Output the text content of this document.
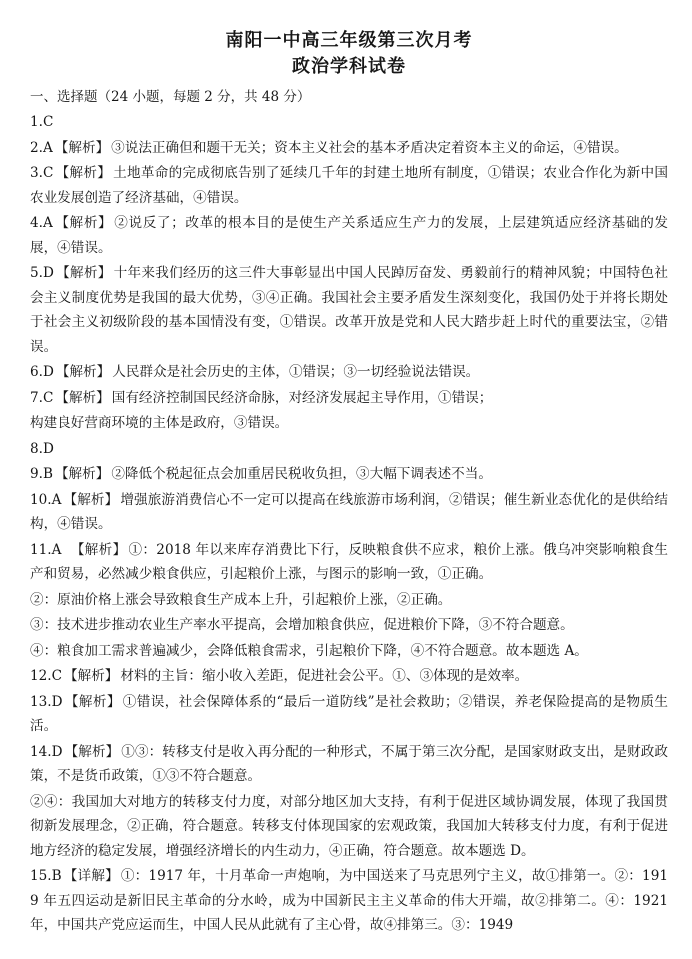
南阳一中高三年级第三次月考
政治学科试卷

一、选择题（24 小题，每题 2 分，共 48 分）

1.C

2.A 【解析】 ③说法正确但和题干无关；资本主义社会的基本矛盾决定着资本主义的命运，④错误。

3.C 【解析】 土地革命的完成彻底告别了延续几千年的封建土地所有制度，①错误；农业合作化为新中国农业发展创造了经济基础，④错误。

4.A 【解析】 ②说反了；改革的根本目的是使生产关系适应生产力的发展，上层建筑适应经济基础的发展，④错误。

5.D 【解析】 十年来我们经历的这三件大事彰显出中国人民踔厉奋发、勇毅前行的精神风貌；中国特色社会主义制度优势是我国的最大优势，③④正确。我国社会主要矛盾发生深刻变化，我国仍处于并将长期处于社会主义初级阶段的基本国情没有变，①错误。改革开放是党和人民大踏步赶上时代的重要法宝，②错误。

6.D 【解析】 人民群众是社会历史的主体，①错误；③一切经验说法错误。

7.C 【解析】 国有经济控制国民经济命脉，对经济发展起主导作用，①错误；

构建良好营商环境的主体是政府，③错误。

8.D

9.B 【解析】 ②降低个税起征点会加重居民税收负担，③大幅下调表述不当。

10.A 【解析】 增强旅游消费信心不一定可以提高在线旅游市场利润，②错误；催生新业态优化的是供给结构，④错误。

11.A　【解析】 ①：2018 年以来库存消费比下行，反映粮食供不应求，粮价上涨。俄乌冲突影响粮食生产和贸易，必然减少粮食供应，引起粮价上涨，与图示的影响一致，①正确。

②：原油价格上涨会导致粮食生产成本上升，引起粮价上涨，②正确。

③：技术进步推动农业生产率水平提高，会增加粮食供应，促进粮价下降，③不符合题意。

④：粮食加工需求普遍减少，会降低粮食需求，引起粮价下降，④不符合题意。故本题选 A。

12.C 【解析】 材料的主旨：缩小收入差距，促进社会公平。①、③体现的是效率。

13.D 【解析】 ①错误，社会保障体系的“最后一道防线”是社会救助；②错误，养老保险提高的是物质生活。

14.D 【解析】 ①③：转移支付是收入再分配的一种形式，不属于第三次分配，是国家财政支出，是财政政策，不是货币政策，①③不符合题意。

②④：我国加大对地方的转移支付力度，对部分地区加大支持，有利于促进区域协调发展，体现了我国贯彻新发展理念，②正确，符合题意。转移支付体现国家的宏观政策，我国加大转移支付力度，有利于促进地方经济的稳定发展，增强经济增长的内生动力，④正确，符合题意。故本题选 D。

15.B 【详解】 ①：1917 年，十月革命一声炮响，为中国送来了马克思列宁主义，故①排第一。②：1919 年五四运动是新旧民主革命的分水岭，成为中国新民主主义革命的伟大开端，故②排第二。④：1921 年，中国共产党应运而生，中国人民从此就有了主心骨，故④排第三。③：1949
